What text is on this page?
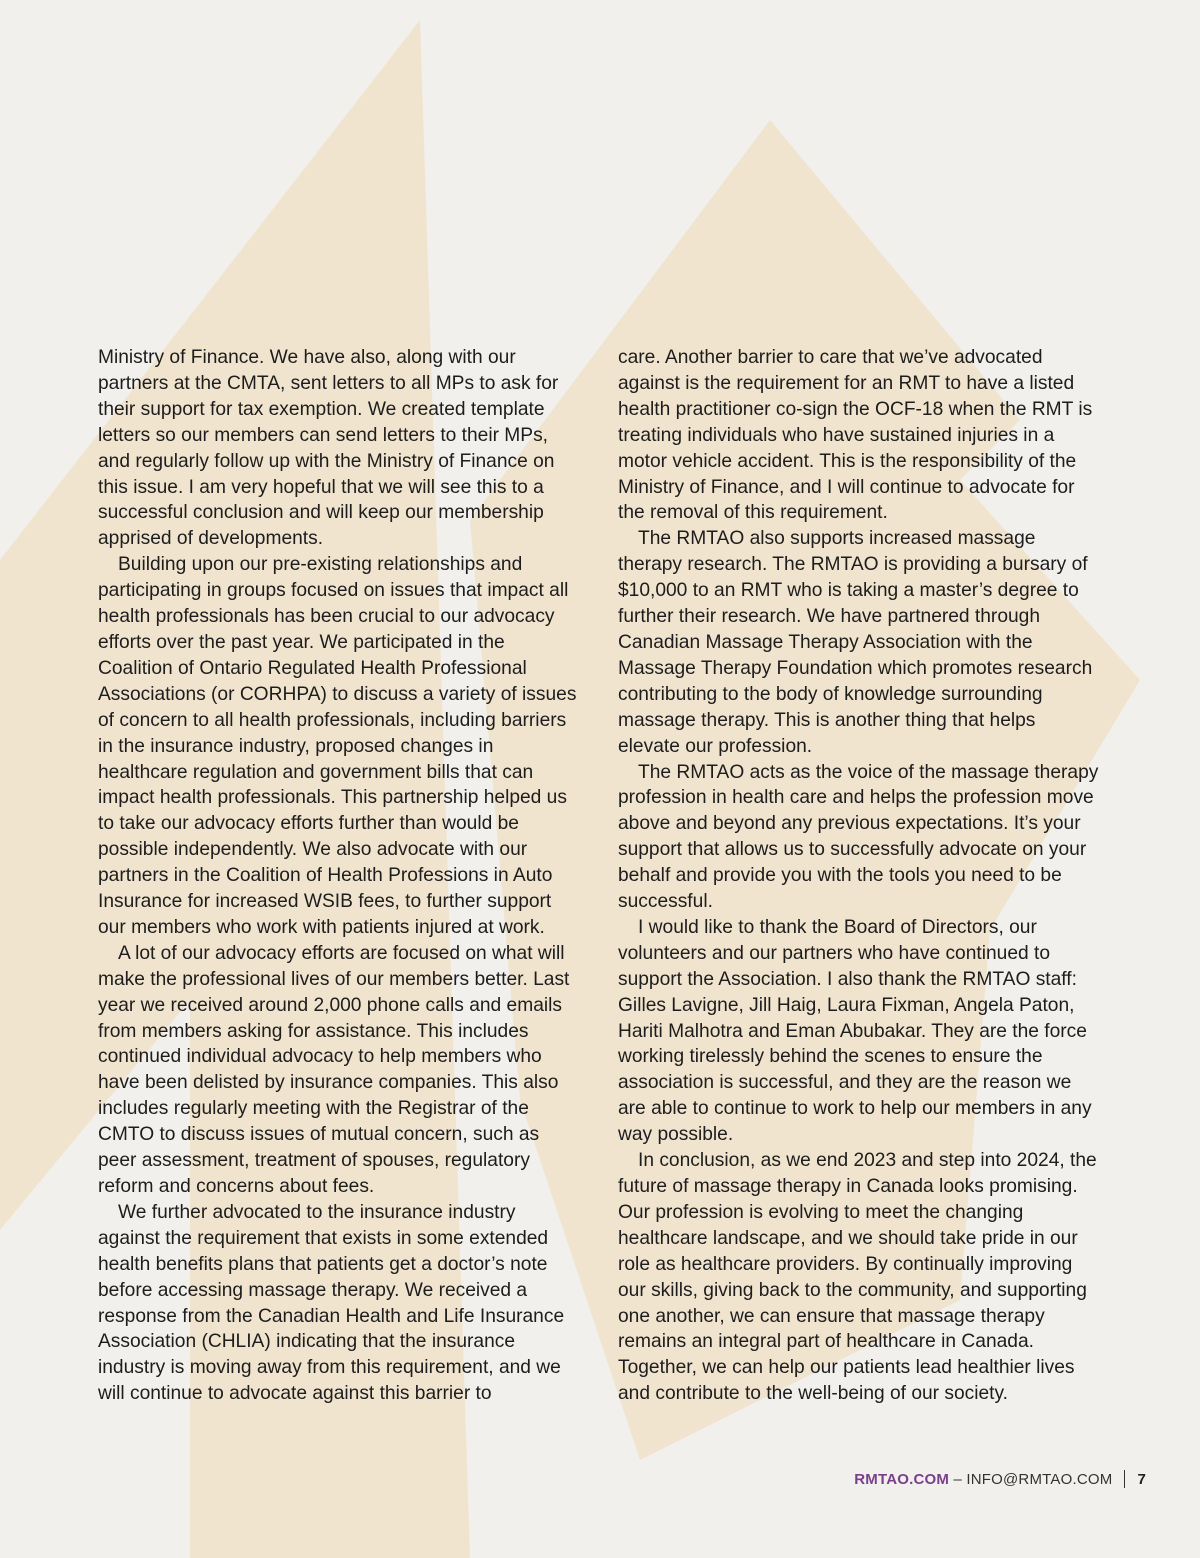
Ministry of Finance. We have also, along with our partners at the CMTA, sent letters to all MPs to ask for their support for tax exemption. We created template letters so our members can send letters to their MPs, and regularly follow up with the Ministry of Finance on this issue. I am very hopeful that we will see this to a successful conclusion and will keep our membership apprised of developments.

Building upon our pre-existing relationships and participating in groups focused on issues that impact all health professionals has been crucial to our advocacy efforts over the past year. We participated in the Coalition of Ontario Regulated Health Professional Associations (or CORHPA) to discuss a variety of issues of concern to all health professionals, including barriers in the insurance industry, proposed changes in healthcare regulation and government bills that can impact health professionals. This partnership helped us to take our advocacy efforts further than would be possible independently. We also advocate with our partners in the Coalition of Health Professions in Auto Insurance for increased WSIB fees, to further support our members who work with patients injured at work.

A lot of our advocacy efforts are focused on what will make the professional lives of our members better. Last year we received around 2,000 phone calls and emails from members asking for assistance. This includes continued individual advocacy to help members who have been delisted by insurance companies. This also includes regularly meeting with the Registrar of the CMTO to discuss issues of mutual concern, such as peer assessment, treatment of spouses, regulatory reform and concerns about fees.

We further advocated to the insurance industry against the requirement that exists in some extended health benefits plans that patients get a doctor’s note before accessing massage therapy. We received a response from the Canadian Health and Life Insurance Association (CHLIA) indicating that the insurance industry is moving away from this requirement, and we will continue to advocate against this barrier to

care. Another barrier to care that we’ve advocated against is the requirement for an RMT to have a listed health practitioner co-sign the OCF-18 when the RMT is treating individuals who have sustained injuries in a motor vehicle accident. This is the responsibility of the Ministry of Finance, and I will continue to advocate for the removal of this requirement.

The RMTAO also supports increased massage therapy research. The RMTAO is providing a bursary of $10,000 to an RMT who is taking a master’s degree to further their research. We have partnered through Canadian Massage Therapy Association with the Massage Therapy Foundation which promotes research contributing to the body of knowledge surrounding massage therapy. This is another thing that helps elevate our profession.

The RMTAO acts as the voice of the massage therapy profession in health care and helps the profession move above and beyond any previous expectations. It’s your support that allows us to successfully advocate on your behalf and provide you with the tools you need to be successful.

I would like to thank the Board of Directors, our volunteers and our partners who have continued to support the Association. I also thank the RMTAO staff: Gilles Lavigne, Jill Haig, Laura Fixman, Angela Paton, Hariti Malhotra and Eman Abubakar. They are the force working tirelessly behind the scenes to ensure the association is successful, and they are the reason we are able to continue to work to help our members in any way possible.

In conclusion, as we end 2023 and step into 2024, the future of massage therapy in Canada looks promising. Our profession is evolving to meet the changing healthcare landscape, and we should take pride in our role as healthcare providers. By continually improving our skills, giving back to the community, and supporting one another, we can ensure that massage therapy remains an integral part of healthcare in Canada. Together, we can help our patients lead healthier lives and contribute to the well-being of our society.

RMTAO.COM – INFO@RMTAO.COM 7
